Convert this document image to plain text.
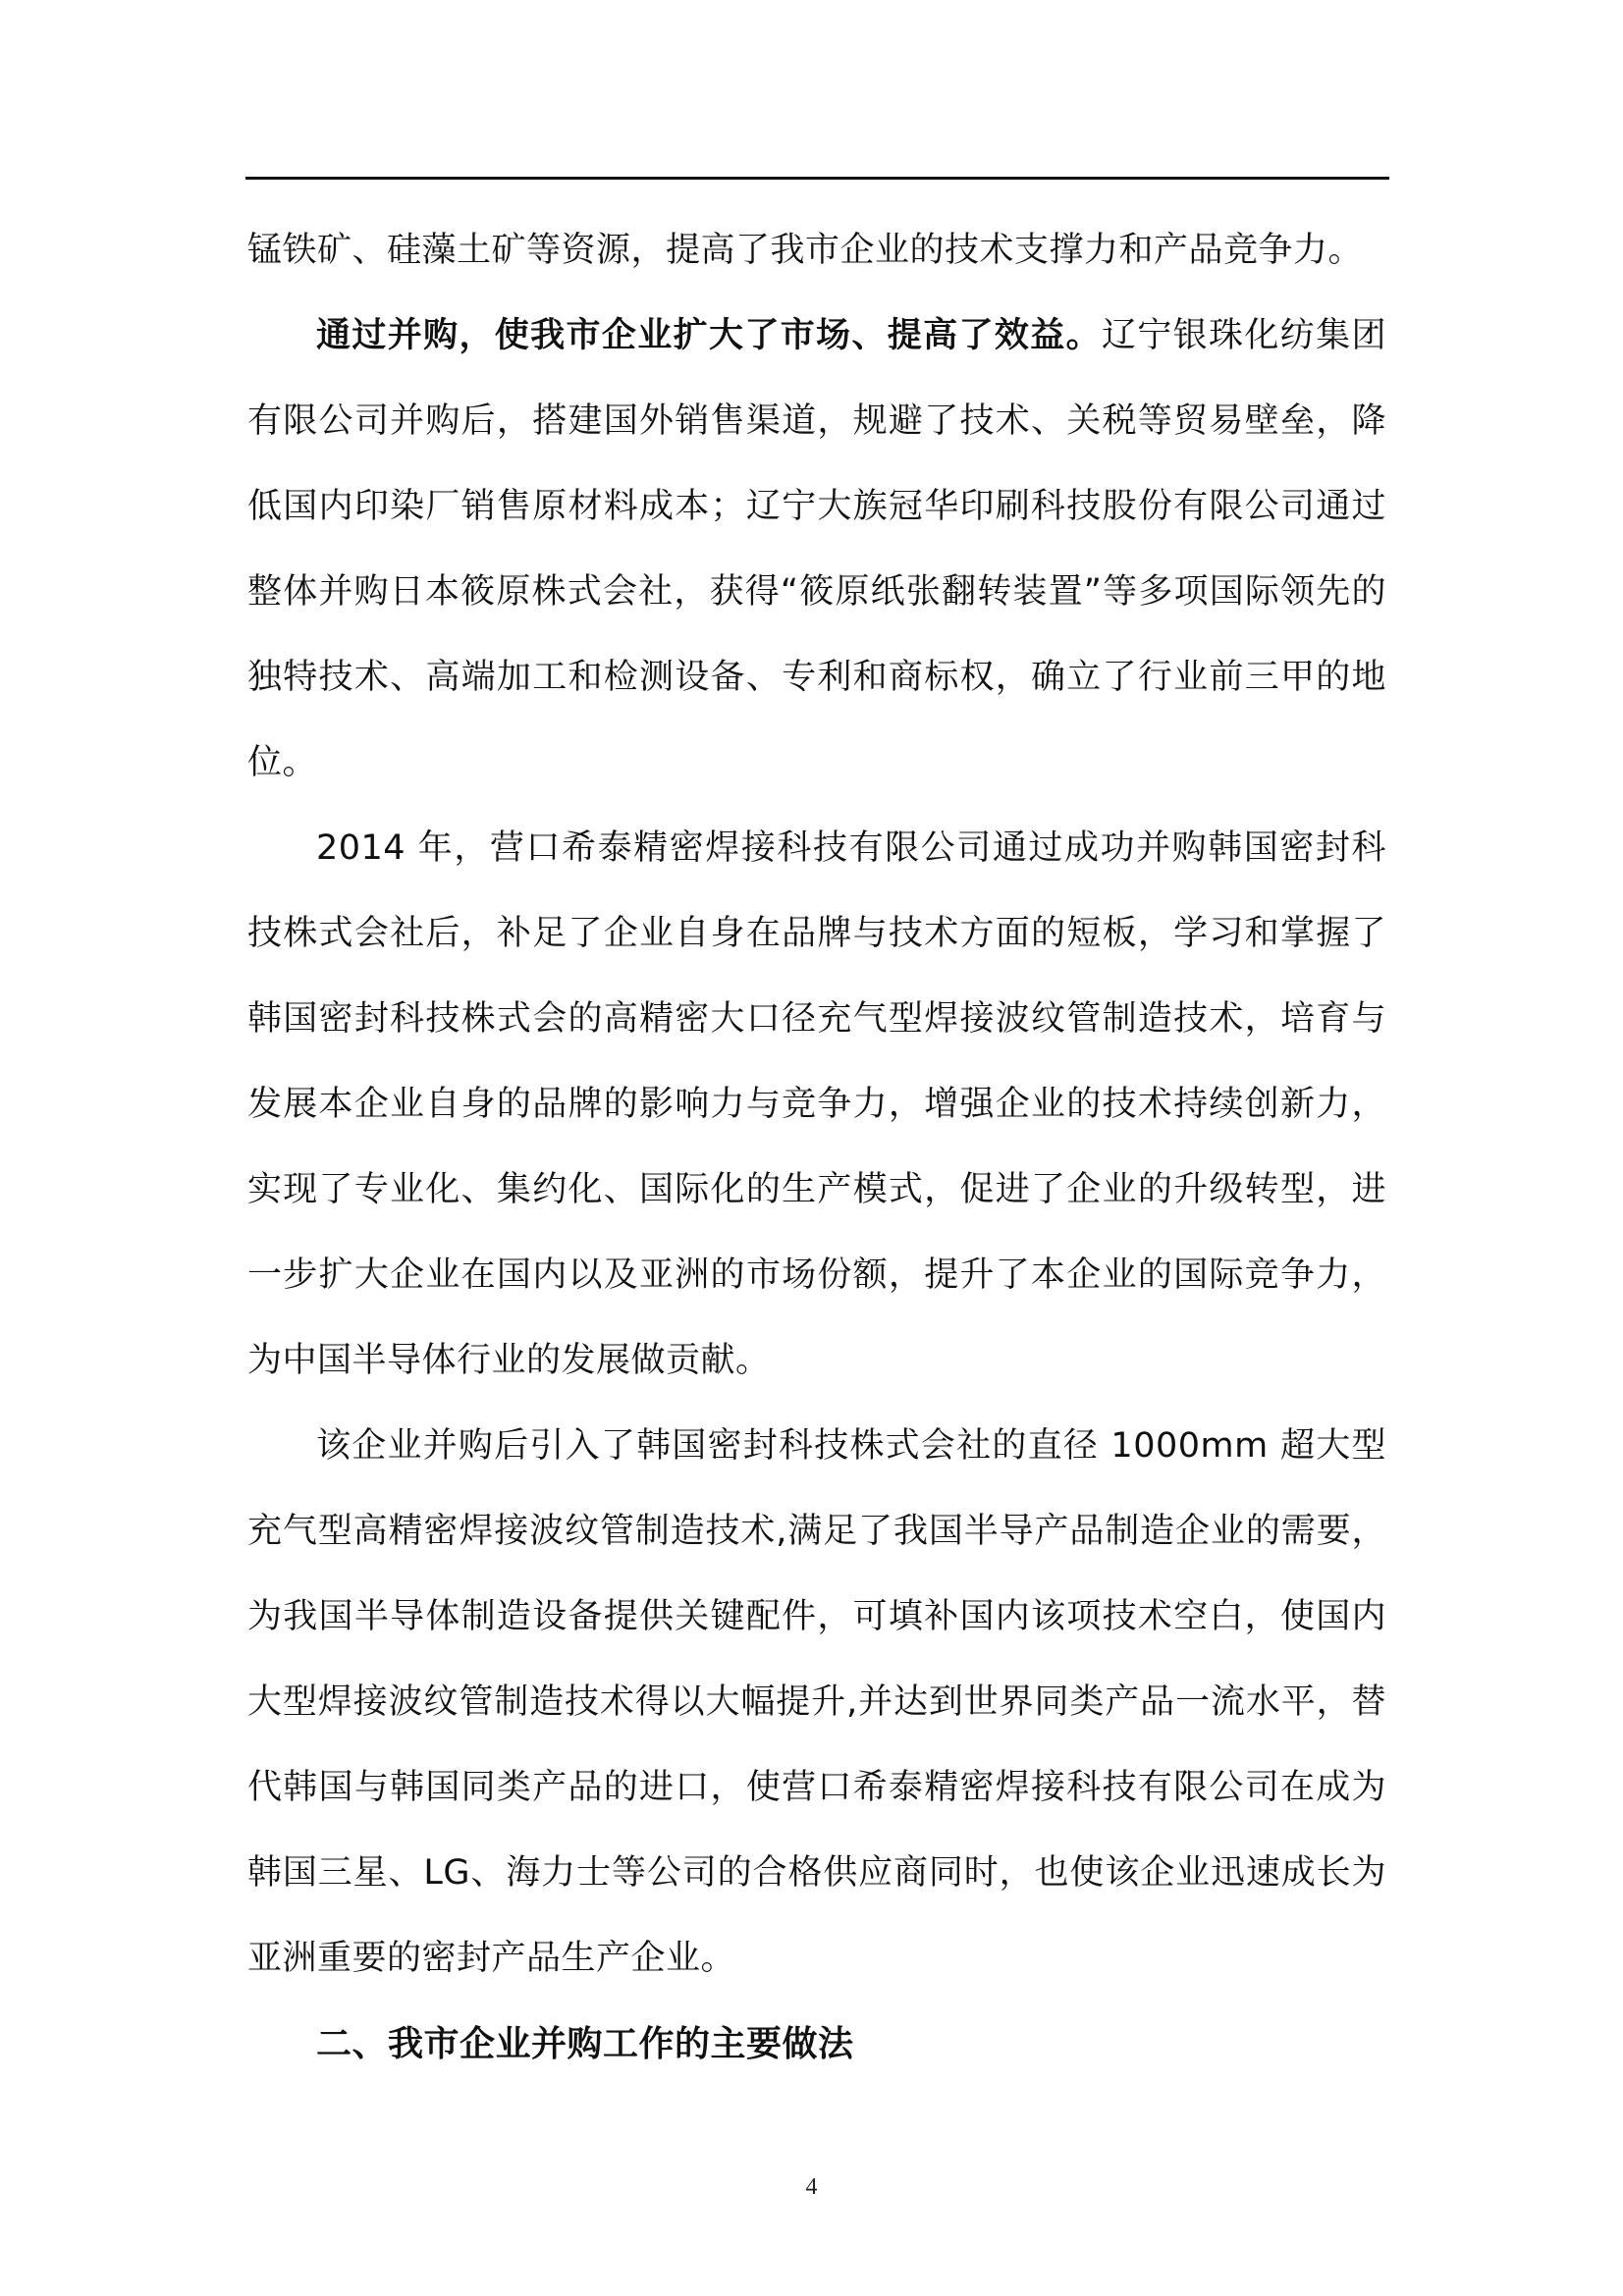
锰铁矿、硅藻土矿等资源，提高了我市企业的技术支撑力和产品竞争力。

通过并购，使我市企业扩大了市场、提高了效益。辽宁银珠化纺集团有限公司并购后，搭建国外销售渠道，规避了技术、关税等贸易壁垒，降低国内印染厂销售原材料成本；辽宁大族冠华印刷科技股份有限公司通过整体并购日本筱原株式会社，获得“筱原纸张翻转装置”等多项国际领先的独特技术、高端加工和检测设备、专利和商标权，确立了行业前三甲的地位。

2014 年，营口希泰精密焊接科技有限公司通过成功并购韩国密封科技株式会社后，补足了企业自身在品牌与技术方面的短板，学习和掌握了韩国密封科技株式会的高精密大口径充气型焊接波纹管制造技术，培育与发展本企业自身的品牌的影响力与竞争力，增强企业的技术持续创新力，实现了专业化、集约化、国际化的生产模式，促进了企业的升级转型，进一步扩大企业在国内以及亚洲的市场份额，提升了本企业的国际竞争力，为中国半导体行业的发展做贡献。

该企业并购后引入了韩国密封科技株式会社的直径 1000mm 超大型充气型高精密焊接波纹管制造技术,满足了我国半导产品制造企业的需要，为我国半导体制造设备提供关键配件，可填补国内该项技术空白，使国内大型焊接波纹管制造技术得以大幅提升,并达到世界同类产品一流水平，替代韩国与韩国同类产品的进口，使营口希泰精密焊接科技有限公司在成为韩国三星、LG、海力士等公司的合格供应商同时，也使该企业迅速成长为亚洲重要的密封产品生产企业。

二、我市企业并购工作的主要做法

4
